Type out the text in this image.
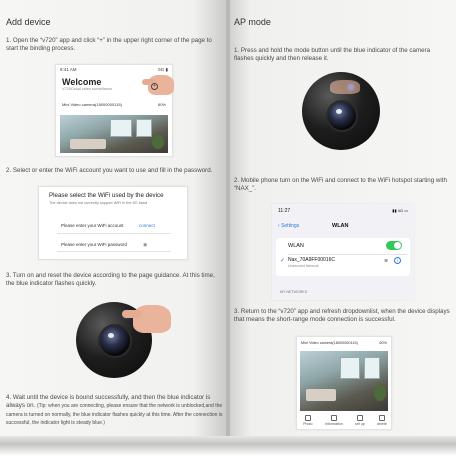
Add device
1. Open the “v720” app and click “+” in the upper right corner of the page to start the binding process.
9:41 AM	5G ▮
Welcome
V720Cloud video surveillance
Mini Video camera(18000000115)	60%
+
2. Select or enter the WiFi account you want to use and fill in the password.
Please select the WiFi used by the device
The device does not currently support WiFi in the 5G band
Please enter your WiFi account	connect
Please enter your WiFi password	◉
3. Turn on and reset the device according to the page guidance. At this time, the blue indicator flashes quickly.
4. Wait until the device is bound successfully, and then the blue indicator is always on. (Tip: when you are connecting, please ensure that the network is unblocked,and the camera is turned on normally, the blue indicator flashes quickly at this time. After the connection is successful, the indicator light is steady blue.)
AP mode
1. Press and hold the mode button until the blue indicator of the camera flashes quickly and then release it.
2. Mobile phone turn on the WiFi and connect to the WiFi hotspot starting with “NAX_”.
11:27	▮▮ 4G ▭
‹ Settings	WLAN
WLAN
✓ Nax_70A9FF00016C
Unsecured Network
≋	i
MY NETWORKS
3. Return to the “v720” app and refresh dropdownlist, when the device displays that means the short-range mode connection is successful.
Mini Video camera(18000000115)	60%
Photo	Information	set up	delete
